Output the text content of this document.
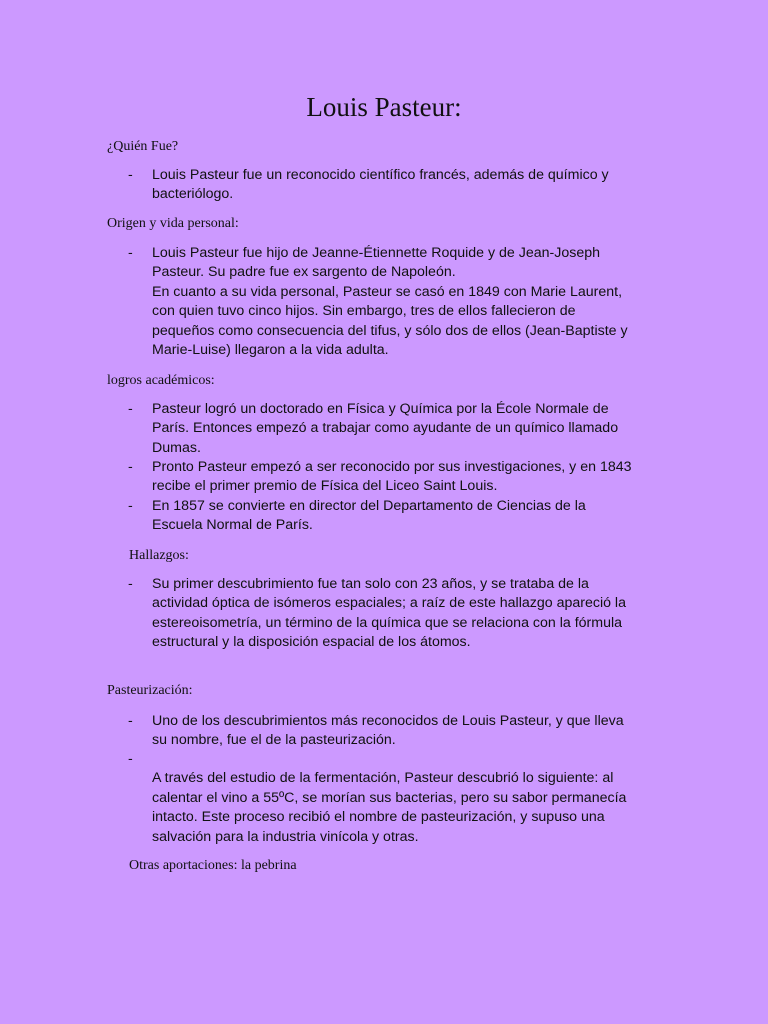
Louis Pasteur:
¿Quién Fue?
-	Louis Pasteur fue un reconocido científico francés, además de químico y
bacteriólogo.
Origen y vida personal:
-	Louis Pasteur fue hijo de Jeanne-Étiennette Roquide y de Jean-Joseph
Pasteur. Su padre fue ex sargento de Napoleón.
En cuanto a su vida personal, Pasteur se casó en 1849 con Marie Laurent,
con quien tuvo cinco hijos. Sin embargo, tres de ellos fallecieron de
pequeños como consecuencia del tifus, y sólo dos de ellos (Jean-Baptiste y
Marie-Luise) llegaron a la vida adulta.
logros académicos:
-	Pasteur logró un doctorado en Física y Química por la École Normale de
París. Entonces empezó a trabajar como ayudante de un químico llamado
Dumas.
-	Pronto Pasteur empezó a ser reconocido por sus investigaciones, y en 1843
recibe el primer premio de Física del Liceo Saint Louis.
-	En 1857 se convierte en director del Departamento de Ciencias de la
Escuela Normal de París.
Hallazgos:
-	Su primer descubrimiento fue tan solo con 23 años, y se trataba de la
actividad óptica de isómeros espaciales; a raíz de este hallazgo apareció la
estereoisometría, un término de la química que se relaciona con la fórmula
estructural y la disposición espacial de los átomos.
Pasteurización:
-	Uno de los descubrimientos más reconocidos de Louis Pasteur, y que lleva
su nombre, fue el de la pasteurización.
-
A través del estudio de la fermentación, Pasteur descubrió lo siguiente: al
calentar el vino a 55ºC, se morían sus bacterias, pero su sabor permanecía
intacto. Este proceso recibió el nombre de pasteurización, y supuso una
salvación para la industria vinícola y otras.
Otras aportaciones: la pebrina
